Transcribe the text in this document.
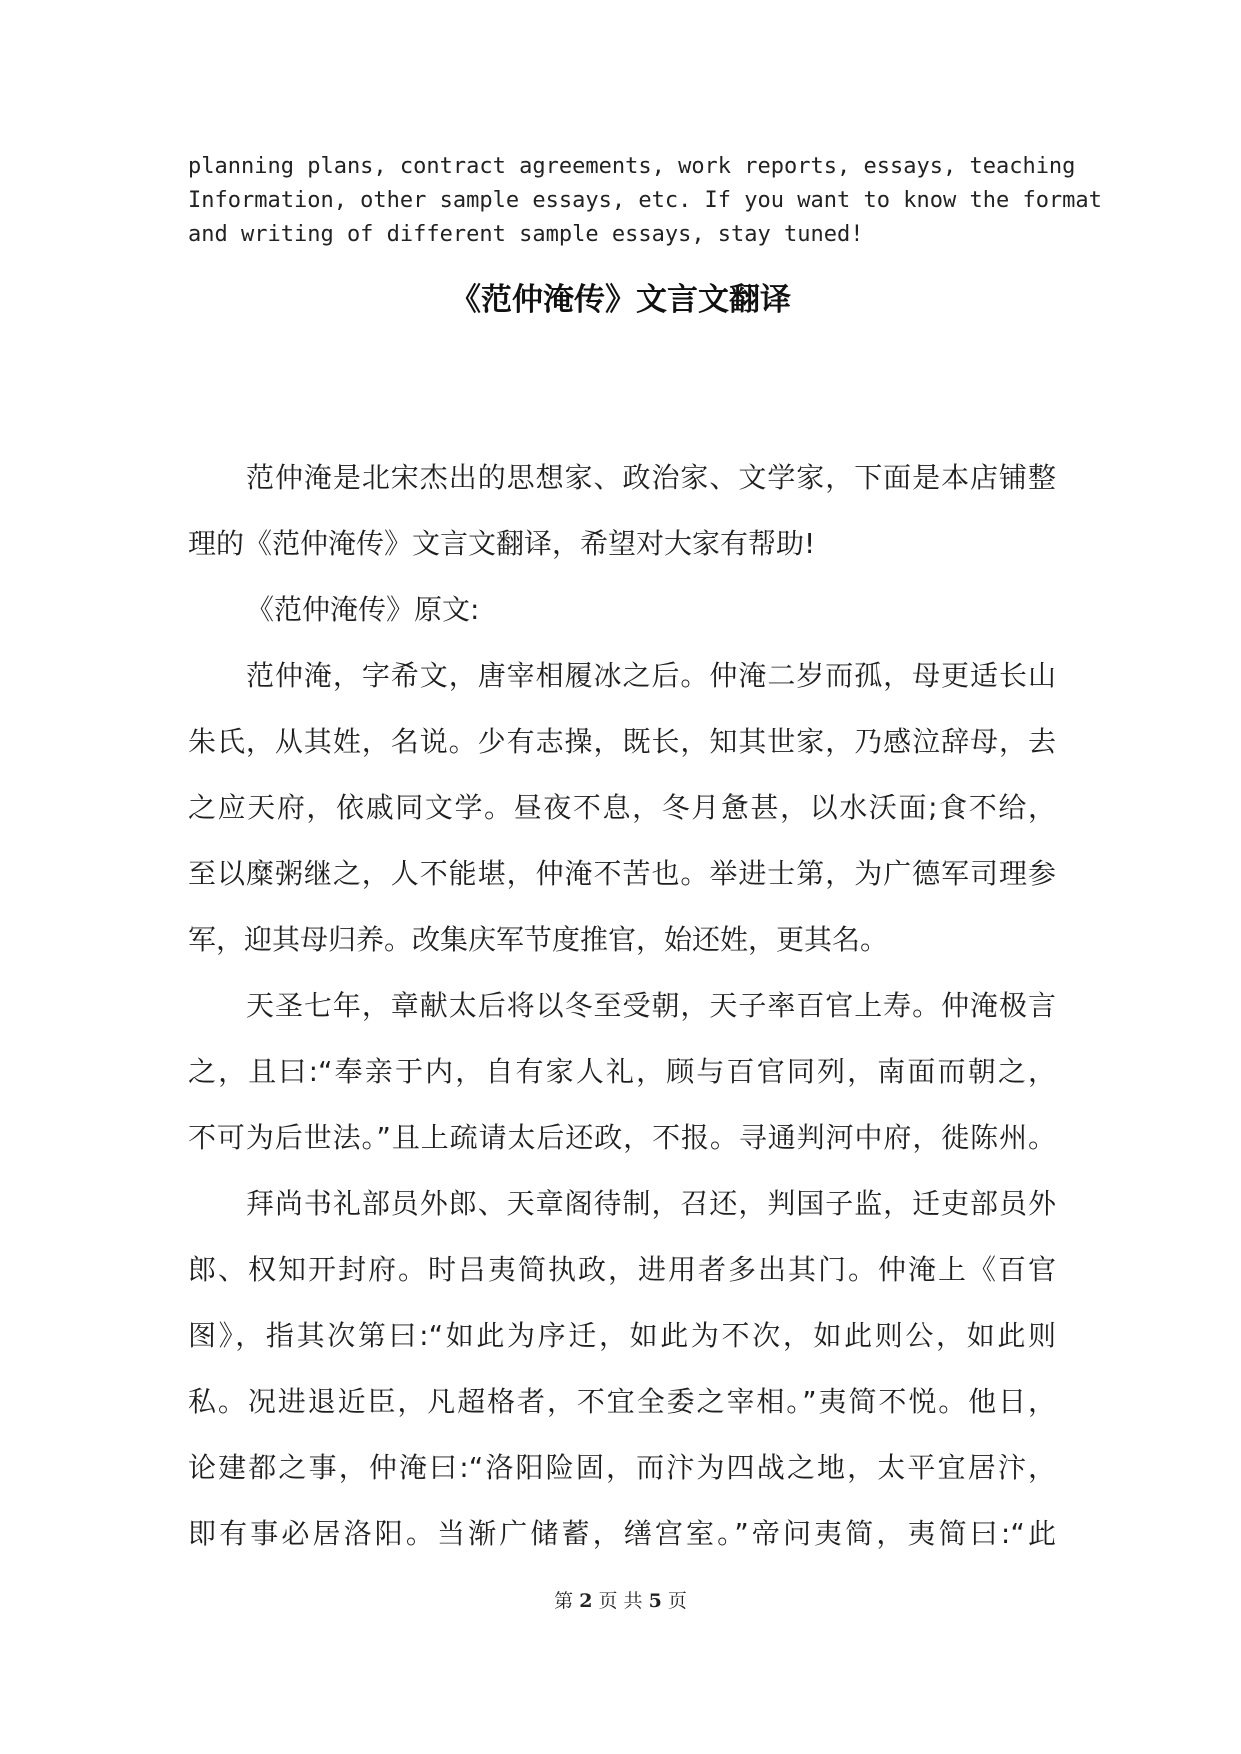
planning plans, contract agreements, work reports, essays, teaching
Information, other sample essays, etc. If you want to know the format
and writing of different sample essays, stay tuned!
《范仲淹传》文言文翻译
范仲淹是北宋杰出的思想家、政治家、文学家，下面是本店铺整
理的《范仲淹传》文言文翻译，希望对大家有帮助!
《范仲淹传》原文:
范仲淹，字希文，唐宰相履冰之后。仲淹二岁而孤，母更适长山
朱氏，从其姓，名说。少有志操，既长，知其世家，乃感泣辞母，去
之应天府，依戚同文学。昼夜不息，冬月惫甚，以水沃面;食不给，
至以糜粥继之，人不能堪，仲淹不苦也。举进士第，为广德军司理参
军，迎其母归养。改集庆军节度推官，始还姓，更其名。
天圣七年，章献太后将以冬至受朝，天子率百官上寿。仲淹极言
之，且曰:“奉亲于内，自有家人礼，顾与百官同列，南面而朝之，
不可为后世法。”且上疏请太后还政，不报。寻通判河中府，徙陈州。
拜尚书礼部员外郎、天章阁待制，召还，判国子监，迁吏部员外
郎、权知开封府。时吕夷简执政，进用者多出其门。仲淹上《百官
图》，指其次第曰:“如此为序迁，如此为不次，如此则公，如此则
私。况进退近臣，凡超格者，不宜全委之宰相。”夷简不悦。他日，
论建都之事，仲淹曰:“洛阳险固，而汴为四战之地，太平宜居汴，
即有事必居洛阳。当渐广储蓄，缮宫室。”帝问夷简，夷简曰:“此
第 2 页 共 5 页
